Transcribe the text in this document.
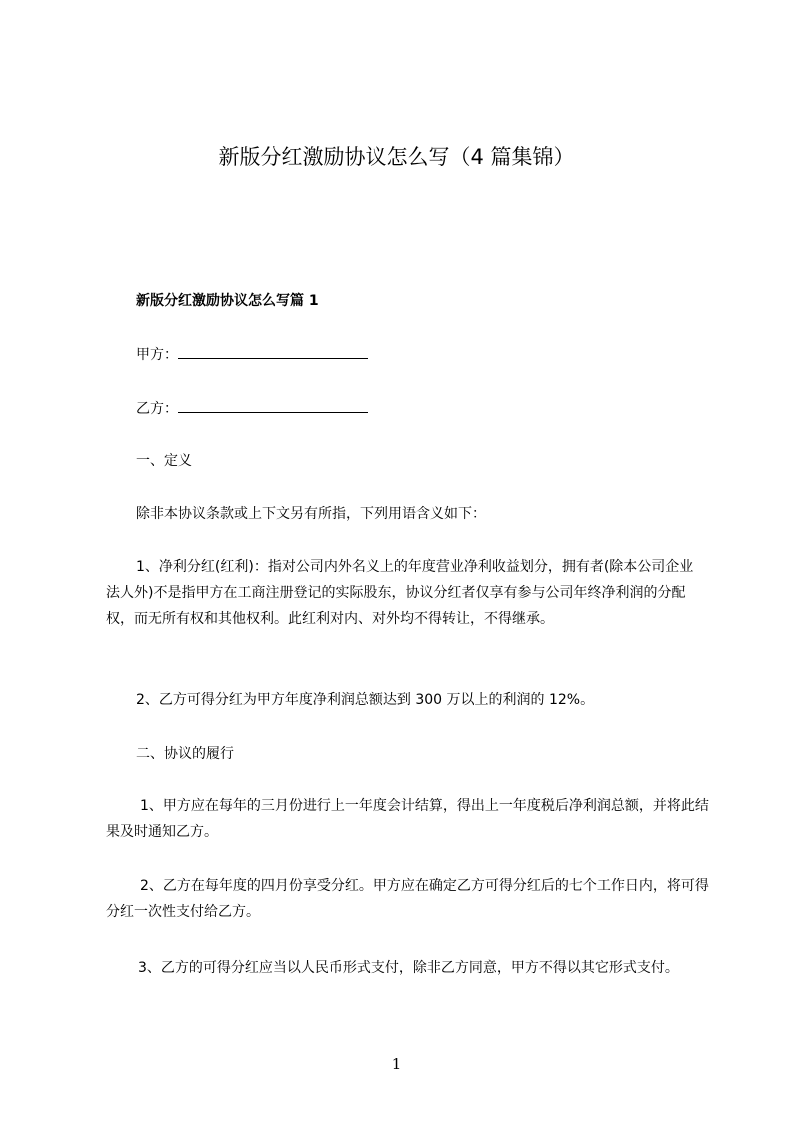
新版分红激励协议怎么写（4 篇集锦）
新版分红激励协议怎么写篇 1
甲方：
乙方：
一、定义
除非本协议条款或上下文另有所指，下列用语含义如下：
1、净利分红(红利)：指对公司内外名义上的年度营业净利收益划分，拥有者(除本公司企业法人外)不是指甲方在工商注册登记的实际股东，协议分红者仅享有参与公司年终净利润的分配权，而无所有权和其他权利。此红利对内、对外均不得转让，不得继承。
2、乙方可得分红为甲方年度净利润总额达到 300 万以上的利润的 12%。
二、协议的履行
1、甲方应在每年的三月份进行上一年度会计结算，得出上一年度税后净利润总额，并将此结果及时通知乙方。
2、乙方在每年度的四月份享受分红。甲方应在确定乙方可得分红后的七个工作日内，将可得分红一次性支付给乙方。
3、乙方的可得分红应当以人民币形式支付，除非乙方同意，甲方不得以其它形式支付。
1
